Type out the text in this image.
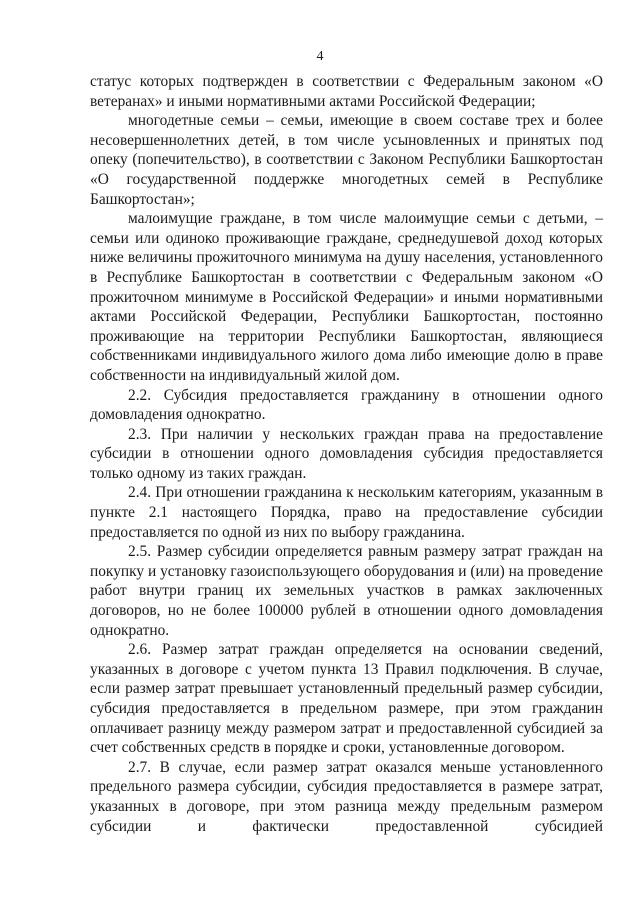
4

статус которых подтвержден в соответствии с Федеральным законом «О ветеранах» и иными нормативными актами Российской Федерации;

многодетные семьи – семьи, имеющие в своем составе трех и более несовершеннолетних детей, в том числе усыновленных и принятых под опеку (попечительство), в соответствии с Законом Республики Башкортостан «О государственной поддержке многодетных семей в Республике Башкортостан»;

малоимущие граждане, в том числе малоимущие семьи с детьми, – семьи или одиноко проживающие граждане, среднедушевой доход которых ниже величины прожиточного минимума на душу населения, установленного в Республике Башкортостан в соответствии с Федеральным законом «О прожиточном минимуме в Российской Федерации» и иными нормативными актами Российской Федерации, Республики Башкортостан, постоянно проживающие на территории Республики Башкортостан, являющиеся собственниками индивидуального жилого дома либо имеющие долю в праве собственности на индивидуальный жилой дом.

2.2. Субсидия предоставляется гражданину в отношении одного домовладения однократно.

2.3. При наличии у нескольких граждан права на предоставление субсидии в отношении одного домовладения субсидия предоставляется только одному из таких граждан.

2.4. При отношении гражданина к нескольким категориям, указанным в пункте 2.1 настоящего Порядка, право на предоставление субсидии предоставляется по одной из них по выбору гражданина.

2.5. Размер субсидии определяется равным размеру затрат граждан на покупку и установку газоиспользующего оборудования и (или) на проведение работ внутри границ их земельных участков в рамках заключенных договоров, но не более 100000 рублей в отношении одного домовладения однократно.

2.6. Размер затрат граждан определяется на основании сведений, указанных в договоре с учетом пункта 13 Правил подключения. В случае, если размер затрат превышает установленный предельный размер субсидии, субсидия предоставляется в предельном размере, при этом гражданин оплачивает разницу между размером затрат и предоставленной субсидией за счет собственных средств в порядке и сроки, установленные договором.

2.7. В случае, если размер затрат оказался меньше установленного предельного размера субсидии, субсидия предоставляется в размере затрат, указанных в договоре, при этом разница между предельным размером субсидии и фактически предоставленной субсидией
